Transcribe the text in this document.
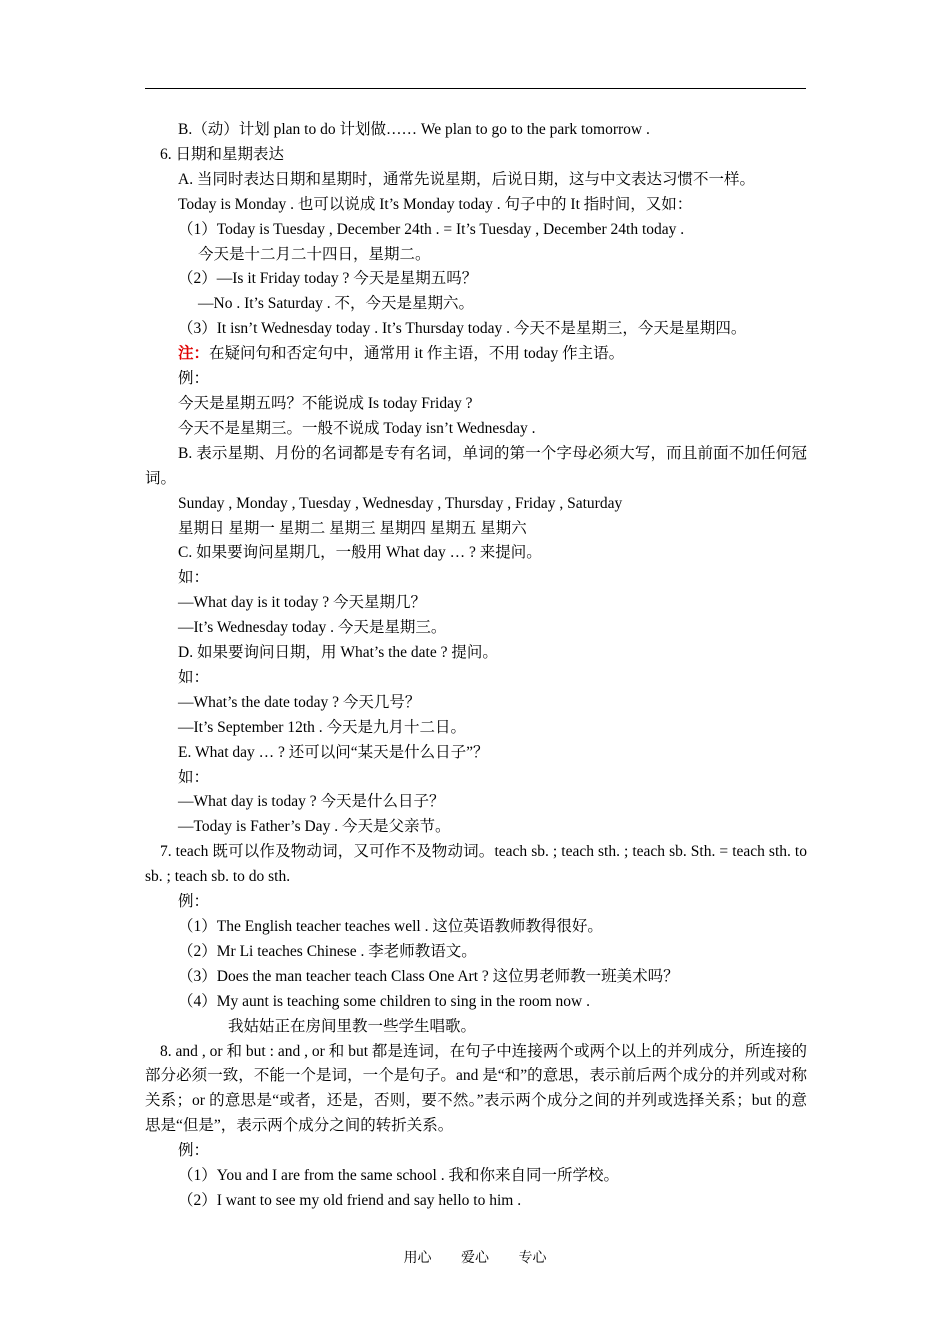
B.（动）计划 plan to do 计划做…… We plan to go to the park tomorrow .
6. 日期和星期表达
A. 当同时表达日期和星期时，通常先说星期，后说日期，这与中文表达习惯不一样。
Today is Monday . 也可以说成 It’s Monday today . 句子中的 It 指时间，又如：
（1）Today is Tuesday , December 24th . = It’s Tuesday , December 24th today .
今天是十二月二十四日，星期二。
（2）—Is it Friday today ? 今天是星期五吗？
—No . It’s Saturday . 不，今天是星期六。
（3）It isn’t Wednesday today . It’s Thursday today . 今天不是星期三，今天是星期四。
注：在疑问句和否定句中，通常用 it 作主语，不用 today 作主语。
例：
今天是星期五吗？不能说成 Is today Friday ?
今天不是星期三。一般不说成 Today isn’t Wednesday .
B. 表示星期、月份的名词都是专有名词，单词的第一个字母必须大写，而且前面不加任何冠词。
Sunday , Monday , Tuesday , Wednesday , Thursday , Friday , Saturday
星期日 星期一 星期二 星期三 星期四 星期五 星期六
C. 如果要询问星期几，一般用 What day … ? 来提问。
如：
—What day is it today ? 今天星期几？
—It’s Wednesday today . 今天是星期三。
D. 如果要询问日期，用 What’s the date ? 提问。
如：
—What’s the date today ? 今天几号？
—It’s September 12th . 今天是九月十二日。
E. What day … ? 还可以问“某天是什么日子”？
如：
—What day is today ? 今天是什么日子？
—Today is Father’s Day . 今天是父亲节。
7. teach 既可以作及物动词，又可作不及物动词。teach sb. ; teach sth. ; teach sb. Sth. = teach sth. to sb. ; teach sb. to do sth.
例：
（1）The English teacher teaches well . 这位英语教师教得很好。
（2）Mr Li teaches Chinese . 李老师教语文。
（3）Does the man teacher teach Class One Art ? 这位男老师教一班美术吗？
（4）My aunt is teaching some children to sing in the room now .
我姑姑正在房间里教一些学生唱歌。
8. and , or 和 but : and , or 和 but 都是连词，在句子中连接两个或两个以上的并列成分，所连接的部分必须一致，不能一个是词，一个是句子。and 是“和”的意思，表示前后两个成分的并列或对称关系；or 的意思是“或者，还是，否则，要不然。”表示两个成分之间的并列或选择关系；but 的意思是“但是”，表示两个成分之间的转折关系。
例：
（1）You and I are from the same school . 我和你来自同一所学校。
（2）I want to see my old friend and say hello to him .
用心 爱心 专心
